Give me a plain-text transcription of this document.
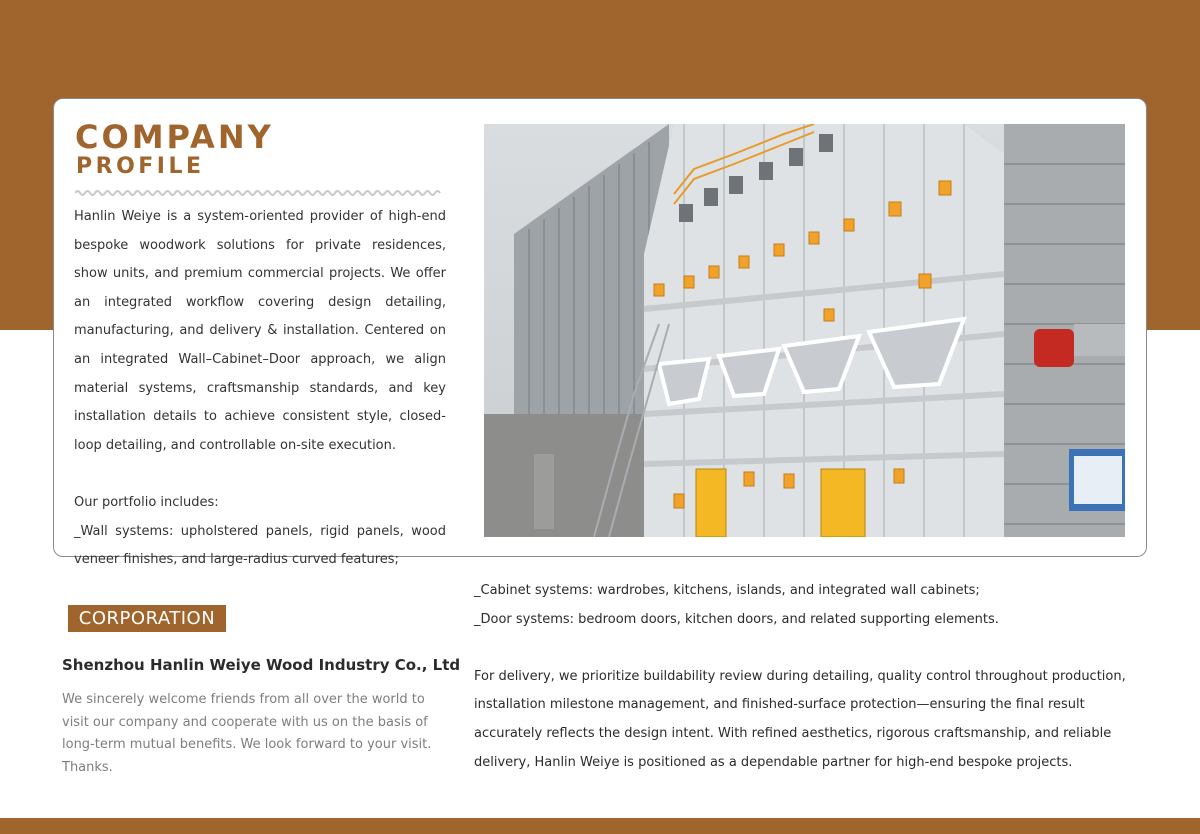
COMPANY
PROFILE

Hanlin Weiye is a system-oriented provider of high-end bespoke woodwork solutions for private residences, show units, and premium commercial projects. We offer an integrated workflow covering design detailing, manufacturing, and delivery & installation. Centered on an integrated Wall–Cabinet–Door approach, we align material systems, craftsmanship standards, and key installation details to achieve consistent style, closed-loop detailing, and controllable on-site execution.

Our portfolio includes:

_Wall systems: upholstered panels, rigid panels, wood veneer finishes, and large-radius curved features;

CORPORATION
Shenzhou Hanlin Weiye Wood Industry Co., Ltd
We sincerely welcome friends from all over the world to visit our company and cooperate with us on the basis of long-term mutual benefits. We look forward to your visit. Thanks.

_Cabinet systems: wardrobes, kitchens, islands, and integrated wall cabinets;

_Door systems: bedroom doors, kitchen doors, and related supporting elements.

For delivery, we prioritize buildability review during detailing, quality control throughout production, installation milestone management, and finished-surface protection—ensuring the final result accurately reflects the design intent. With refined aesthetics, rigorous craftsmanship, and reliable delivery, Hanlin Weiye is positioned as a dependable partner for high-end bespoke projects.
